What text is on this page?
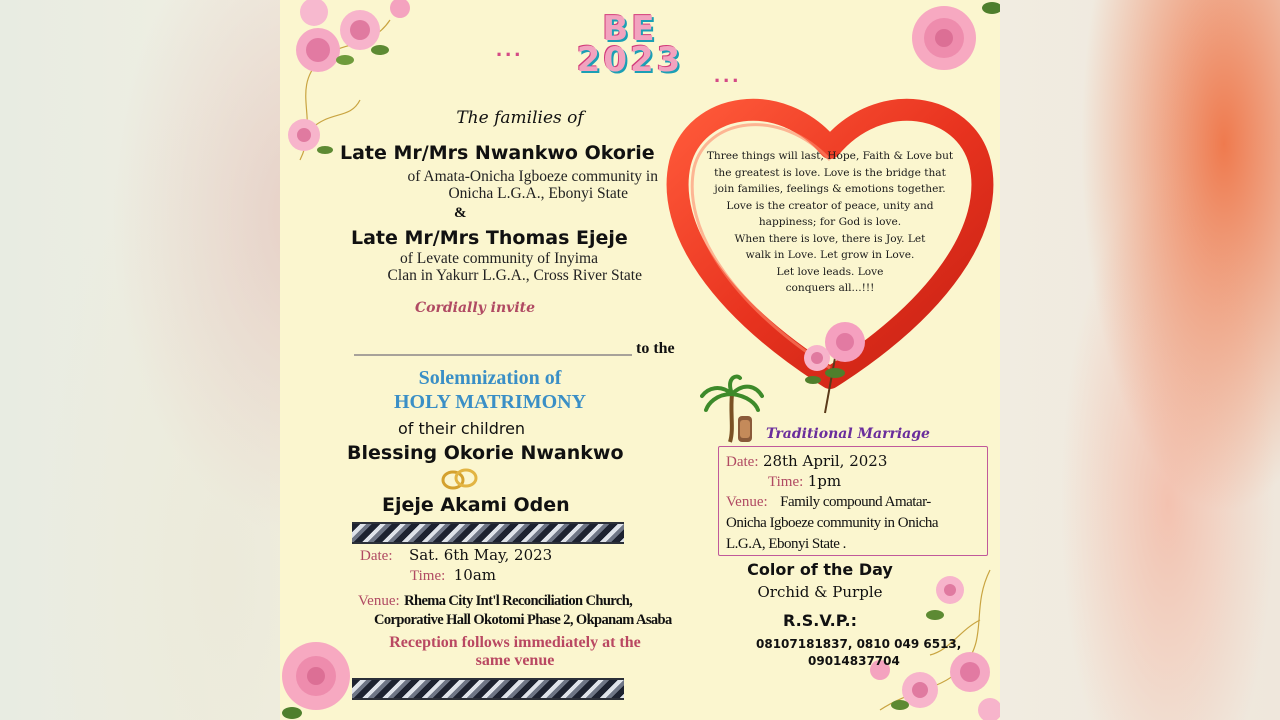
...	BE
2023	...
The families of
Late Mr/Mrs Nwankwo Okorie
of Amata-Onicha Igboeze community in
Onicha L.G.A., Ebonyi State
&
Late Mr/Mrs Thomas Ejeje
of Levate community of Inyima
Clan in Yakurr L.G.A., Cross River State
Cordially invite
to the
Solemnization of
HOLY MATRIMONY
of their children
Blessing Okorie Nwankwo
Ejeje Akami Oden
Date: Sat. 6th May, 2023
Time: 10am
Venue: Rhema City Int'l Reconciliation Church,
Corporative Hall Okotomi Phase 2, Okpanam Asaba
Reception follows immediately at the
same venue
Three things will last, Hope, Faith & Love but
the greatest is love. Love is the bridge that
join families, feelings & emotions together.
Love is the creator of peace, unity and
happiness; for God is love.
When there is love, there is Joy. Let
walk in Love. Let grow in Love.
Let love leads. Love
conquers all...!!!
Traditional Marriage
Date: 28th April, 2023
Time: 1pm
Venue: Family compound Amatar-
Onicha Igboeze community in Onicha
L.G.A, Ebonyi State .
Color of the Day
Orchid & Purple
R.S.V.P.:
08107181837, 0810 049 6513,
09014837704
